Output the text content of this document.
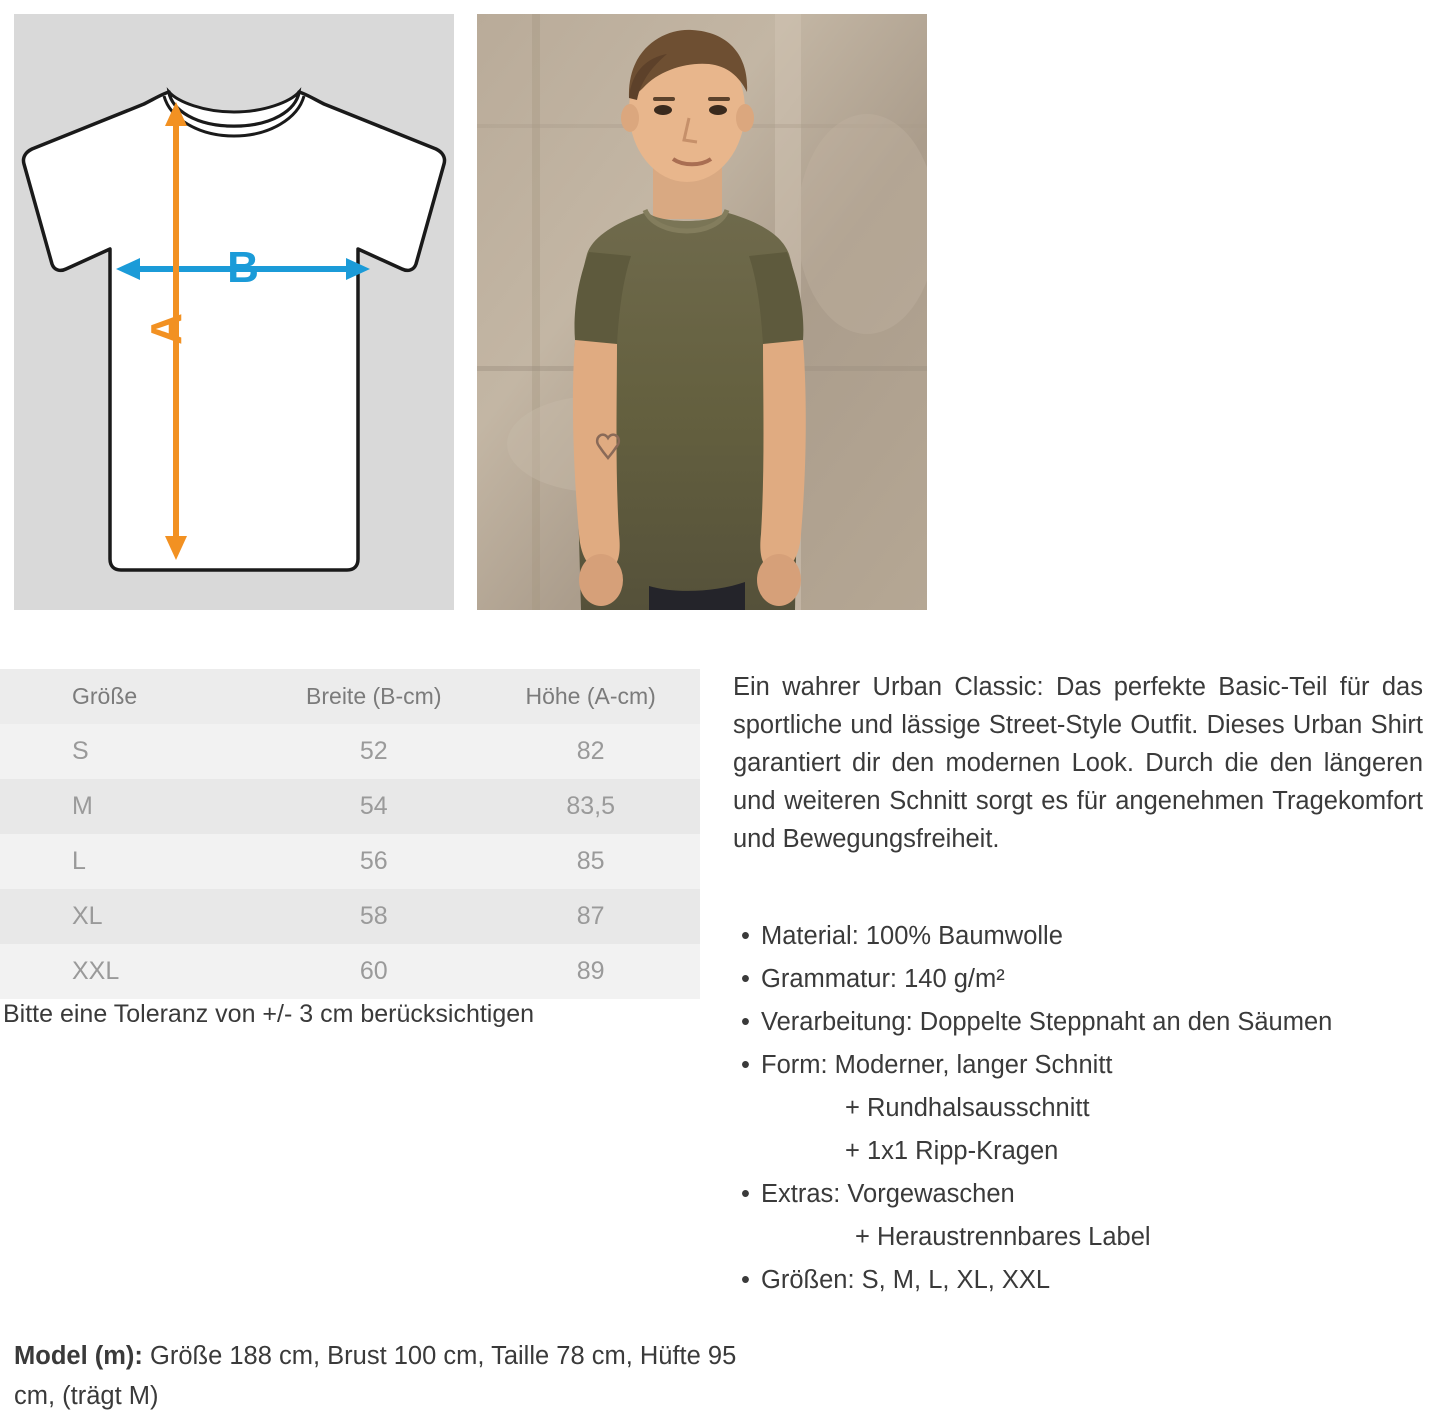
B
A
Größe	Breite (B-cm)	Höhe (A-cm)
S	52	82
M	54	83,5
L	56	85
XL	58	87
XXL	60	89
Bitte eine Toleranz von +/- 3 cm berücksichtigen
Ein wahrer Urban Classic: Das perfekte Basic-Teil für das sportliche und lässige Street-Style Outfit. Dieses Urban Shirt garantiert dir den modernen Look. Durch die den längeren und weiteren Schnitt sorgt es für angenehmen Tragekomfort und Bewegungsfreiheit.
• Material: 100% Baumwolle
• Grammatur: 140 g/m²
• Verarbeitung: Doppelte Steppnaht an den Säumen
• Form: Moderner, langer Schnitt
+ Rundhalsausschnitt
+ 1x1 Ripp-Kragen
• Extras: Vorgewaschen
+ Heraustrennbares Label
• Größen: S, M, L, XL, XXL
Model (m): Größe 188 cm, Brust 100 cm, Taille 78 cm, Hüfte 95 cm, (trägt M)
